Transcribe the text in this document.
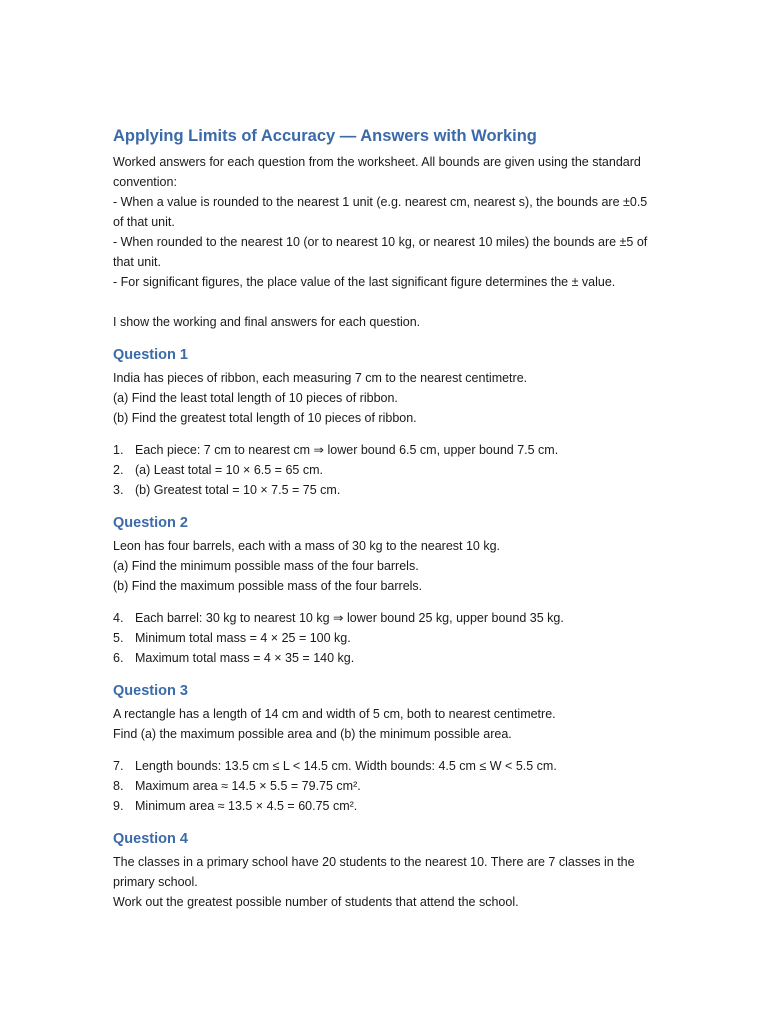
Applying Limits of Accuracy — Answers with Working
Worked answers for each question from the worksheet. All bounds are given using the standard convention:
- When a value is rounded to the nearest 1 unit (e.g. nearest cm, nearest s), the bounds are ±0.5 of that unit.
- When rounded to the nearest 10 (or to nearest 10 kg, or nearest 10 miles) the bounds are ±5 of that unit.
- For significant figures, the place value of the last significant figure determines the ± value.

I show the working and final answers for each question.

Question 1
India has pieces of ribbon, each measuring 7 cm to the nearest centimetre.
(a) Find the least total length of 10 pieces of ribbon.
(b) Find the greatest total length of 10 pieces of ribbon.
1. Each piece: 7 cm to nearest cm ⇒ lower bound 6.5 cm, upper bound 7.5 cm.
2. (a) Least total = 10 × 6.5 = 65 cm.
3. (b) Greatest total = 10 × 7.5 = 75 cm.
Question 2
Leon has four barrels, each with a mass of 30 kg to the nearest 10 kg.
(a) Find the minimum possible mass of the four barrels.
(b) Find the maximum possible mass of the four barrels.
4. Each barrel: 30 kg to nearest 10 kg ⇒ lower bound 25 kg, upper bound 35 kg.
5. Minimum total mass = 4 × 25 = 100 kg.
6. Maximum total mass = 4 × 35 = 140 kg.
Question 3
A rectangle has a length of 14 cm and width of 5 cm, both to nearest centimetre.
Find (a) the maximum possible area and (b) the minimum possible area.
7. Length bounds: 13.5 cm ≤ L < 14.5 cm. Width bounds: 4.5 cm ≤ W < 5.5 cm.
8. Maximum area ≈ 14.5 × 5.5 = 79.75 cm².
9. Minimum area ≈ 13.5 × 4.5 = 60.75 cm².
Question 4
The classes in a primary school have 20 students to the nearest 10. There are 7 classes in the primary school.
Work out the greatest possible number of students that attend the school.
